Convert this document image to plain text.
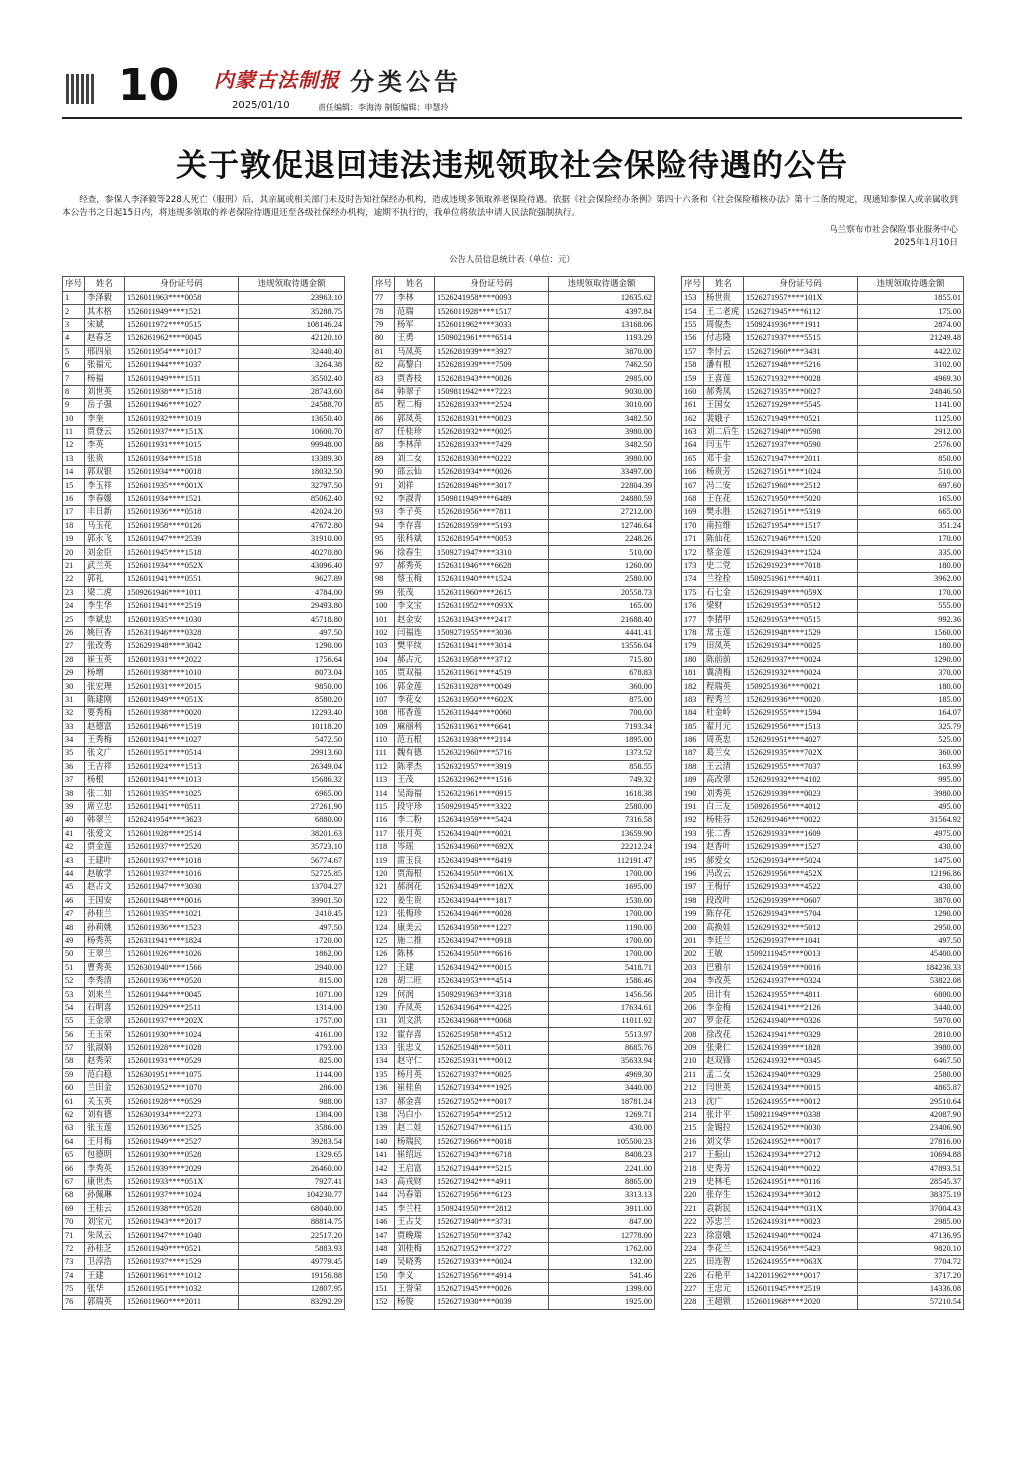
10 内蒙古法制报 分类公告
2025/01/10	责任编辑：李海涛 制版编辑：申慧玲
关于敦促退回违法违规领取社会保险待遇的公告
经查，参保人李泽毅等228人死亡（服刑）后，其亲属或相关部门未及时告知社保经办机构，造成违规多领取养老保险待遇。依据《社会保险经办条例》第四十六条和《社会保险稽核办法》第十二条的规定，现通知参保人或亲属收到本公告书之日起15日内，将违规多领取的养老保险待遇退还至各级社保经办机构，逾期不执行的，我单位将依法申请人民法院强制执行。
乌兰察布市社会保险事业服务中心
2025年1月10日
公告人员信息统计表（单位：元）
序号	姓名	身份证号码	违规领取待遇金额
1	李泽毅	1526011963****0058	23963.10
2	其木格	1526011949****1521	35288.75
3	宋斌	1526011972****0515	108146.24
4	赵春芝	1526261962****0045	42120.10
5	邢四泉	1526011954****1017	32440.40
6	张福元	1526011944****1037	3264.38
7	杨福	1526011949****1511	35502.40
8	刘世英	1526011938****1518	28743.60
9	岳子强	1526011946****1027	24588.70
10	李奎	1526011932****1019	13650.40
11	贾登云	1526011937****151X	10600.70
12	李英	1526011931****1015	99948.00
13	张贵	1526011934****1518	13389.30
14	郭双银	1526011934****0018	18032.50
15	李玉祥	1526011935****001X	32797.50
16	李春媛	1526011934****1521	85062.40
17	丰日新	1526011936****0518	42024.20
18	马玉花	1526011958****0126	47672.80
19	郭永飞	1526011947****2539	31910.00
20	刘金臣	1526011945****1518	40270.80
21	武兰英	1526011934****052X	43096.40
22	郭礼	1526011941****0551	9627.89
23	梁二虎	1509261946****1011	4784.00
24	李生华	1526011941****2519	29493.80
25	李斌忠	1526011935****1030	45718.80
26	姚巨香	1526311946****0328	497.50
27	张改秀	1526291948****3042	1290.00
28	崔玉英	1526011931****2022	1756.64
29	杨増	1526011938****1010	8073.04
30	张宏理	1526011931****2015	9850.00
31	陈建刚	1526011949****051X	8580.20
32	要秀梅	1526011938****0020	12293.40
33	赵德富	1526011946****1519	10118.20
34	王秀梅	1526011941****1027	5472.50
35	张文广	1526011951****0514	29913.60
36	王吉祥	1526011924****1513	26349.04
37	杨根	1526011941****1013	15686.32
38	张二如	1526011935****1025	6965.00
39	席立忠	1526011941****0511	27261.90
40	韩翠兰	1526241954****3623	6880.00
41	张爱文	1526011928****2514	38201.63
42	贾金莲	1526011937****2520	35723.10
43	王建叶	1526011937****1018	56774.67
44	赵敏学	1526011937****1016	52725.85
45	赵占文	1526011947****3030	13704.27
46	王国安	1526011948****0016	39901.50
47	孙桂兰	1526011935****1021	2410.45
48	孙莉姚	1526011936****1523	497.50
49	杨秀英	1526311941****1824	1720.00
50	王翠兰	1526011926****1026	1862.00
51	曹秀英	1526301940****1566	2940.00
52	李秀清	1526011936****0520	815.00
53	刘来兰	1526011944****0045	1071.00
54	石明喜	1526011929****2511	1314.00
55	王金翠	1526011937****202X	1757.00
56	王玉荣	1526011930****1024	4161.00
57	张淑娟	1526011928****1028	1793.00
58	赵秀荣	1526011931****0529	825.00
59	范白稳	1526301951****1075	1144.00
60	兰田金	1526301952****1070	286.00
61	关玉英	1526011928****0529	988.00
62	刘有德	1526301934****2273	1304.00
63	张玉莲	1526011936****1525	3586.00
64	王月梅	1526011949****2527	39283.54
65	包德明	1526011930****0528	1329.65
66	李秀英	1526011939****2029	26460.00
67	康世杰	1526011933****051X	7927.41
68	孙佩琳	1526011937****1024	104230.77
69	王桂云	1526011938****0528	68040.00
70	刘宝元	1526011943****2017	88814.75
71	朱凤云	1526011947****1040	22517.20
72	孙桂芝	1526011949****0521	5883.93
73	卫淳浩	1526011937****1529	49779.45
74	王建	1526011961****1012	19156.88
75	张华	1526011951****1032	12807.95
76	郭瑞英	1526011960****2011	83292.29
序号	姓名	身份证号码	违规领取待遇金额
77	李林	1526241958****0093	12635.62
78	范瑞	1526011928****1517	4397.84
79	杨军	1526011962****3033	13168.06
80	王勇	1509021961****6514	1193.29
81	马凤英	1526281939****3927	3870.00
82	高黎白	1526281939****7509	7462.50
83	贾香枝	1526281943****0026	2985.00
84	韩翠子	1509811942****7223	9030.00
85	程二梅	1526281933****2524	3010.00
86	郭凤英	1526281931****0023	3482.50
87	任桂珍	1526281932****0025	3980.00
88	李林萍	1526281933****7429	3482.50
89	刘二女	1526281930****0222	3980.00
90	邵云仙	1526281934****0026	33497.00
91	刘祥	1526281946****3017	22804.39
92	李淑青	1509811949****6489	24880.59
93	李子英	1526281956****7811	27212.00
94	李存喜	1526281959****5193	12746.64
95	张科斌	1526281954****0053	2248.26
96	徐春生	1509271947****3310	510.00
97	郝秀英	1526311946****6628	1260.00
98	蔡玉梅	1526311940****1524	2580.00
99	张茂	1526311960****2615	20558.73
100	李文宝	1526311952****093X	165.00
101	赵金安	1526311943****2417	21688.40
102	闫福连	1509271955****3036	4441.41
103	樊平续	1526311941****3014	13556.04
104	郝占元	1526311958****3712	715.80
105	贾双福	1526311961****4519	678.83
106	郭金莲	1526311928****0049	360.00
107	李花女	1526311950****602X	875.00
108	邢香莲	1526311944****0060	700.00
109	麻丽利	1526311961****6641	7193.34
110	范五根	1526311938****2114	1895.00
111	魏有德	1526321960****5716	1373.52
112	陈孝杰	1526321957****3919	858.55
113	王茂	1526321962****1516	749.32
114	吴海福	1526321961****0915	1618.38
115	段守珍	1509291945****3322	2580.00
116	李二粉	1526341959****5424	7316.58
117	张月英	1526341940****0021	13659.90
118	岑瑶	1526341960****692X	22212.24
119	雷玉良	1526341949****8419	112191.47
120	贾海根	1526341950****061X	1700.00
121	郝润花	1526341949****182X	1695.00
122	姜生贵	1526341944****1817	1530.00
123	张梅珍	1526341946****0028	1700.00
124	康美云	1526341950****1227	1190.00
125	施二推	1526341947****0918	1700.00
126	陈林	1526341950****6616	1700.00
127	王建	1526341942****0015	5418.71
128	胡二旺	1526341953****4514	1586.46
129	何润	1509291963****3318	1456.56
130	乔凤英	1526341964****4225	17634.61
131	刘文洪	1526341968****0068	11011.92
132	霍存喜	1526251958****4512	5513.97
133	张忠义	1526251948****5011	8685.76
134	赵守仁	1526251931****0012	35633.94
135	杨月英	1526271937****0025	4969.30
136	崔桂鱼	1526271934****1925	3440.00
137	郝金喜	1526271952****0017	18781.24
138	冯白小	1526271954****2512	1269.71
139	赵二娃	1526271947****6115	430.00
140	杨瑞民	1526271966****0018	105500.23
141	崔绍远	1526271943****6718	8408.23
142	王启富	1526271944****5215	2241.00
143	高戎财	1526271942****4911	8865.00
144	冯春第	1526271956****6123	3313.13
145	李兰柱	1509241950****2812	3911.00
146	王占艾	1526271940****3731	847.00
147	贾晚瑞	1526271950****3742	12778.00
148	刘桂梅	1526271952****3727	1762.00
149	吴晓秀	1526271933****0024	132.00
150	李义	1526271956****4914	541.46
151	王誉荣	1526271945****0026	1399.00
152	杨俊	1526271930****0039	1925.00
序号	姓名	身份证号码	违规领取待遇金额
153	杨世贵	1526271957****101X	1855.01
154	王二老虎	1526271945****6112	175.00
155	周俊杰	1509241936****1911	2874.00
156	付志隆	1526271937****5515	21249.48
157	李付云	1526271960****3431	4422.02
158	潘有根	1526271948****5216	3102.00
159	王喜莲	1526271932****0028	4969.30
160	郝秀凤	1526271935****0027	24846.50
161	王国女	1526271929****5545	1141.00
162	裴娥子	1526271949****0521	1125.00
163	刘二后生	1526271940****0598	2912.00
164	闫玉牛	1526271937****0590	2576.00
165	邓千金	1526271947****2011	850.00
166	杨贵芳	1526271951****1024	510.00
167	冯二安	1526271960****2512	697.60
168	王在花	1526271950****5020	165.00
169	樊永胜	1526271951****5319	665.00
170	南拉维	1526271954****1517	351.24
171	陈仙花	1526271946****1520	170.00
172	蔡金莲	1526291943****1524	335.00
173	史二党	1526291923****7018	180.00
174	兰拴拴	1509251961****4011	3962.00
175	石七金	1526291949****059X	170.00
176	梁财	1526291953****0512	555.00
177	李猪甲	1526291953****0515	992.36
178	常玉莲	1526291948****1529	1560.00
179	田凤英	1526291934****0025	180.00
180	陈前前	1526291937****0024	1290.00
181	冀清梅	1526291932****0024	370.00
182	程瑞英	1509251936****0021	180.00
183	程秀兰	1526291936****0020	185.00
184	杜金岭	1526291955****1594	164.07
185	翟月元	1526291956****1513	325.79
186	周英忠	1526291951****4027	525.00
187	葛兰女	1526291935****702X	360.00
188	王云清	1526291955****7037	163.99
189	高改翠	1526291932****4102	995.00
190	刘秀英	1526291939****0023	3980.00
191	白三友	1509261956****4012	495.00
192	杨桂芬	1526291946****0022	31564.92
193	张二香	1526291933****1609	4975.00
194	赵香叶	1526291939****1527	430.00
195	郝爱女	1526291934****5024	1475.00
196	冯改云	1526291956****452X	12196.86
197	王梅仔	1526291933****4522	430.00
198	段改叶	1526291939****0607	3870.00
199	陈存花	1526291943****5704	1290.00
200	高换娃	1526291932****5012	2950.00
201	李廷兰	1526291937****1041	497.50
202	王敏	1509211945****0013	45400.00
203	巴雅尔	1526241959****0016	184236.33
204	李改英	1526241937****0324	53822.08
205	田计有	1526241955****4811	6800.00
206	李金梅	1526241941****2126	3440.00
207	罗金花	1526241940****0326	5970.00
208	徐改花	1526241941****0329	2810.00
209	张秉仁	1526241939****1828	3980.00
210	赵双锋	1526241932****0345	6467.50
211	孟二女	1526241940****0329	2580.00
212	闫世英	1526241934****0015	4865.87
213	沈广	1526241955****0012	29510.64
214	张计平	1509211949****0338	42087.90
215	金锡拉	1526241952****0030	23406.90
216	刘文华	1526241952****0017	27816.00
217	王振山	1526241934****2712	10694.88
218	史秀芳	1526241940****0022	47893.51
219	史林毛	1526241951****0116	28545.37
220	张存生	1526241934****3012	38375.19
221	袁新民	1526241944****031X	37004.43
222	苏忠兰	1526241931****0023	2985.00
223	徐富娥	1526241940****0024	47136.95
224	李花兰	1526241956****5423	9820.10
225	田连智	1526241955****063X	7704.72
226	石艳平	1422011962****0017	3717.20
227	王忠元	1526011945****2519	14336.08
228	王超锁	1526011968****2020	57210.54
